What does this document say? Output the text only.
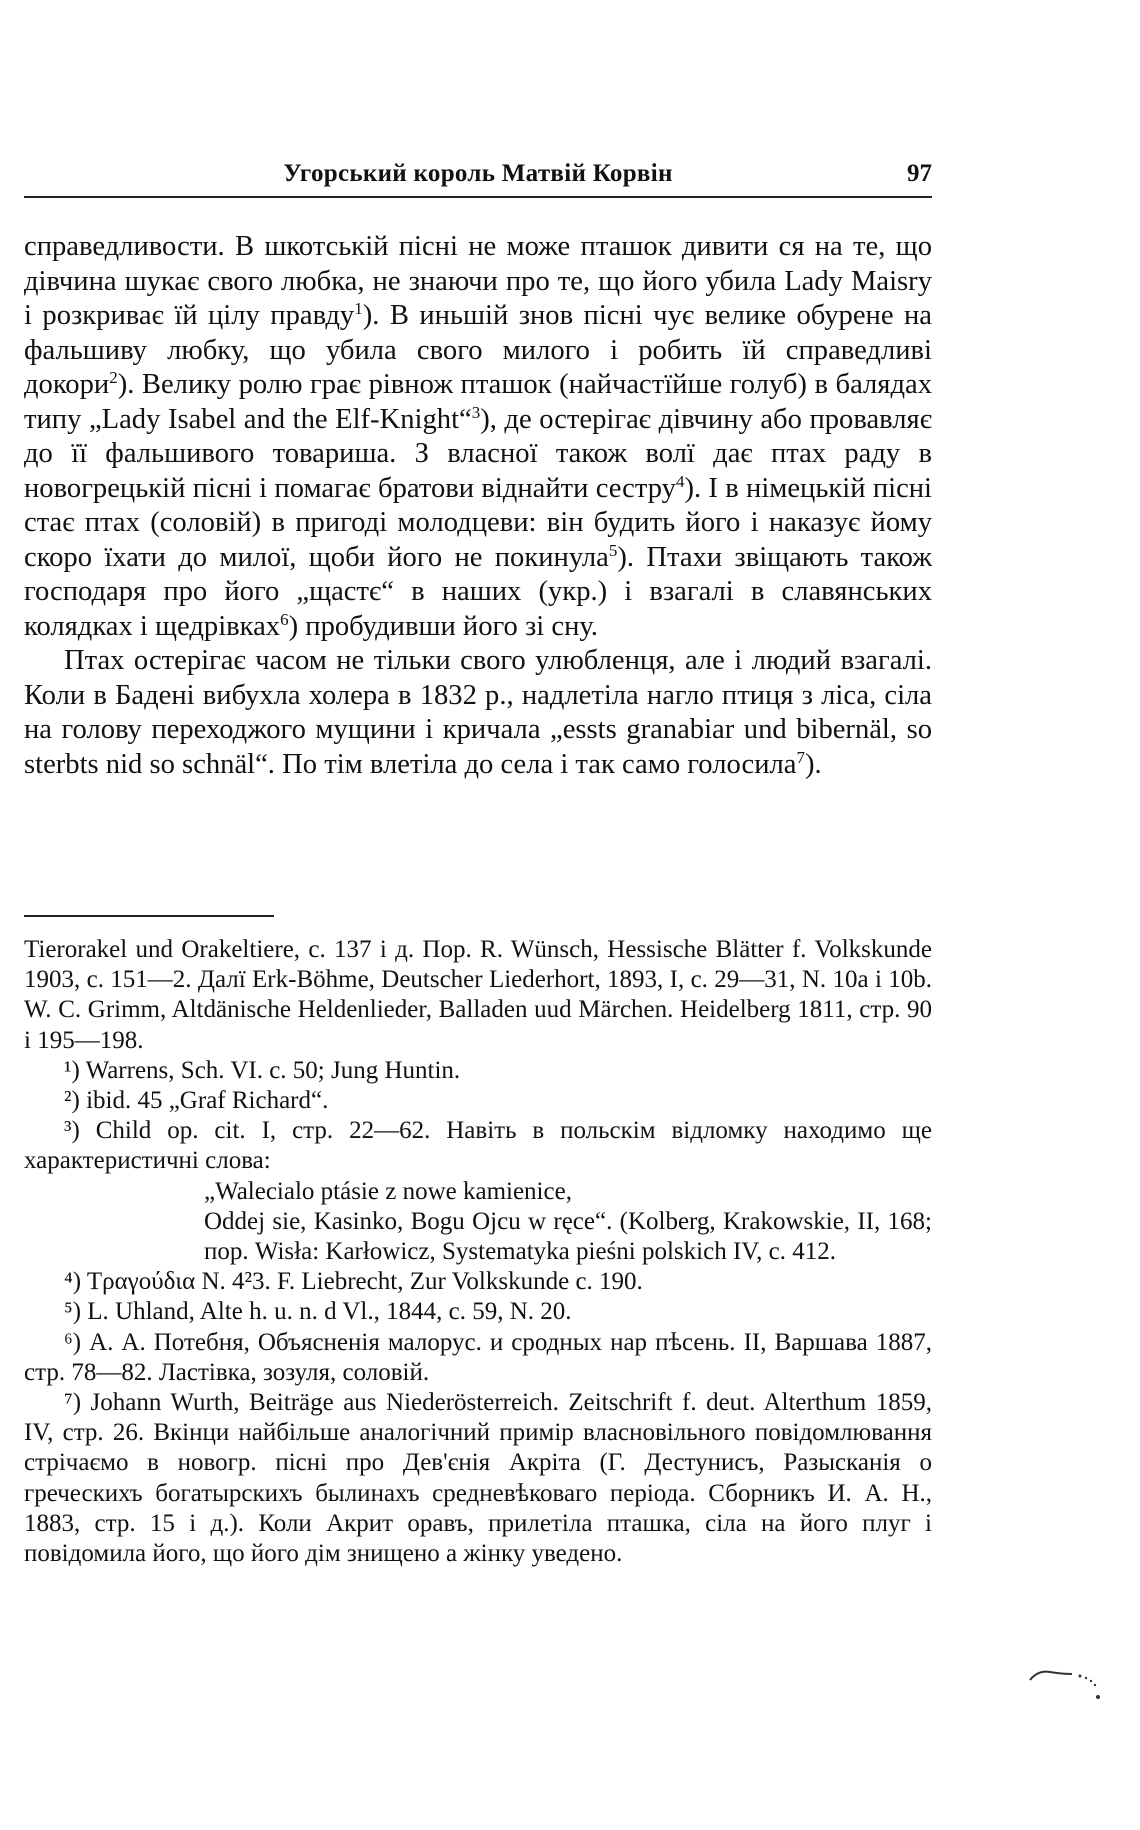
Угорський король Матвій Корвін	97

справедливости. В шкотській пісні не може пташок дивити ся на те, що дівчина шукає свого любка, не знаючи про те, що його убила Lady Maisry і розкриває їй цілу правду$^1$). В иньшій знов пісні чує велике обурене на фальшиву любку, що убила свого милого і робить їй справедливі докори$^2$). Велику ролю грає рівнож пташок (найчастїйше голуб) в балядах типу „Lady Isabel and the Elf-Knight“$^3$), де остерігає дівчину або провавляє до її фальшивого товариша. З власної також волї дає птах раду в новогрецькій пісні і помагає братови віднайти сестру$^4$). І в німецькій пісні стає птах (соловій) в пригоді молодцеви: він будить його і наказує йому скоро їхати до милої, щоби його не покинула$^5$). Птахи звіщають також господаря про його „щастє“ в наших (укр.) і взагалі в славянських колядках і щедрівках$^6$) пробудивши його зі сну.

Птах остерігає часом не тільки свого улюбленця, але і людий взагалі. Коли в Бадені вибухла холера в 1832 р., надлетіла нагло птиця з ліса, сіла на голову переходжого мущини і кричала „essts granabiar und bibernäl, so sterbts nid so schnäl“. По тім влетіла до села і так само голосила$^7$).

Tierorakel und Orakeltiere, с. 137 і д. Пор. R. Wünsch, Hessische Blätter f. Volkskunde 1903, с. 151—2. Далї Erk-Böhme, Deutscher Liederhort, 1893, I, с. 29—31, N. 10a і 10b. W. C. Grimm, Altdänische Heldenlieder, Balladen uud Märchen. Heidelberg 1811, стр. 90 і 195—198.

¹) Warrens, Sch. VI. с. 50; Jung Huntin.

²) ibid. 45 „Graf Richard“.

³) Child op. cit. I, стр. 22—62. Навіть в польскім відломку находимо ще характеристичні слова:

„Walecialo ptásie z nowe kamienice,

Oddej sie, Kasinko, Bogu Ojcu w ręce“. (Kolberg, Krakowskie, II, 168; пор. Wisła: Karłowicz, Systematyka pieśni polskich IV, с. 412.

⁴) Τραγούδια N. 4²3. F. Liebrecht, Zur Volkskunde c. 190.

⁵) L. Uhland, Alte h. u. n. d Vl., 1844, с. 59, N. 20.

⁶) А. А. Потебня, Объясненія малорус. и сродных нар пѣсень. II, Варшава 1887, стр. 78—82. Ластівка, зозуля, соловій.

⁷) Johann Wurth, Beiträge aus Niederösterreich. Zeitschrift f. deut. Alterthum 1859, IV, стр. 26. Вкінци найбільше аналогічний примір власновільного повідомлювання стрічаємо в новогр. пісні про Дев'єнія Акріта (Г. Дестунисъ, Разысканія о греческихъ богатырскихъ былинахъ средневѣковаго періода. Сборникъ И. А. Н., 1883, стр. 15 і д.). Коли Акрит оравъ, прилетіла пташка, сіла на його плуг і повідомила його, що його дім знищено а жінку уведено.
